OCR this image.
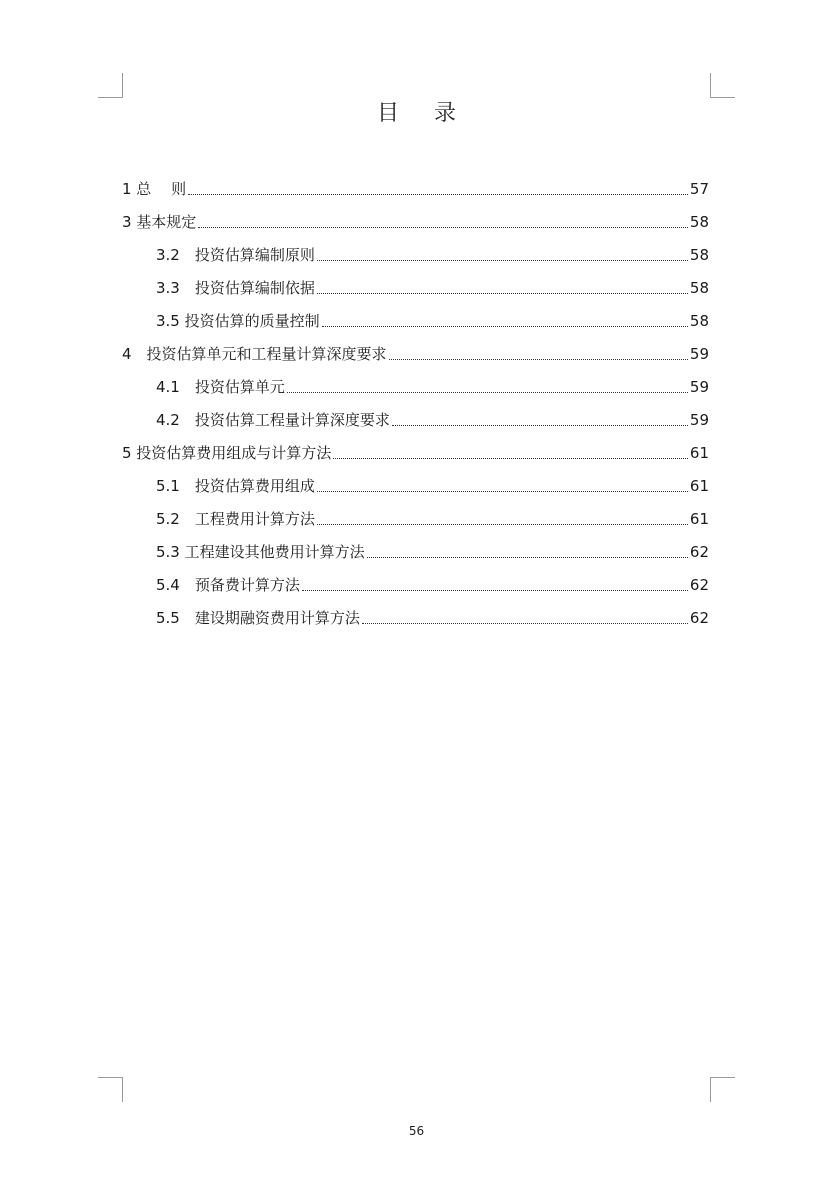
目 录
1 总　 则	57
3 基本规定	58
3.2　投资估算编制原则	58
3.3　投资估算编制依据	58
3.5 投资估算的质量控制	58
4　投资估算单元和工程量计算深度要求	59
4.1　投资估算单元	59
4.2　投资估算工程量计算深度要求	59
5 投资估算费用组成与计算方法	61
5.1　投资估算费用组成	61
5.2　工程费用计算方法	61
5.3 工程建设其他费用计算方法	62
5.4　预备费计算方法	62
5.5　建设期融资费用计算方法	62
56
